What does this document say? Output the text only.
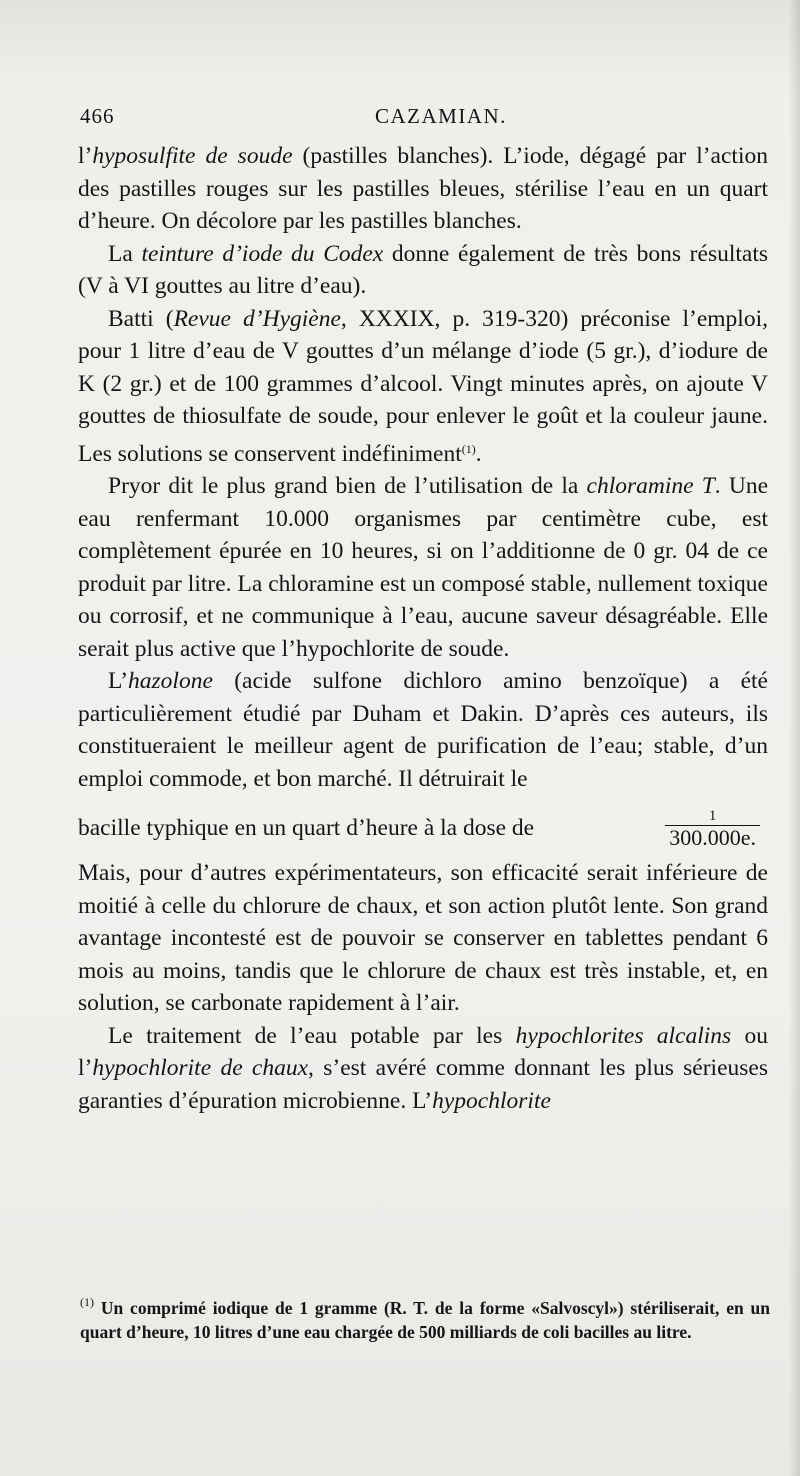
466	CAZAMIAN.

l’hyposulfite de soude (pastilles blanches). L’iode, dégagé par l’action des pastilles rouges sur les pastilles bleues, stérilise l’eau en un quart d’heure. On décolore par les pastilles blanches.

La teinture d’iode du Codex donne également de très bons résultats (V à VI gouttes au litre d’eau).

Batti (Revue d’Hygiène, XXXIX, p. 319-320) préconise l’emploi, pour 1 litre d’eau de V gouttes d’un mélange d’iode (5 gr.), d’iodure de K (2 gr.) et de 100 grammes d’alcool. Vingt minutes après, on ajoute V gouttes de thiosulfate de soude, pour enlever le goût et la couleur jaune. Les solutions se conservent indéfiniment$^{(1)}$.

Pryor dit le plus grand bien de l’utilisation de la chloramine T. Une eau renfermant 10.000 organismes par centimètre cube, est complètement épurée en 10 heures, si on l’additionne de 0 gr. 04 de ce produit par litre. La chloramine est un composé stable, nullement toxique ou corrosif, et ne communique à l’eau, aucune saveur désagréable. Elle serait plus active que l’hypochlorite de soude.

L’hazolone (acide sulfone dichloro amino benzoïque) a été particulièrement étudié par Duham et Dakin. D’après ces auteurs, ils constitueraient le meilleur agent de purification de l’eau; stable, d’un emploi commode, et bon marché. Il détruirait le

bacille typhique en un quart d’heure à la dose de	$\frac{1}{300.000e.}$

Mais, pour d’autres expérimentateurs, son efficacité serait inférieure de moitié à celle du chlorure de chaux, et son action plutôt lente. Son grand avantage incontesté est de pouvoir se conserver en tablettes pendant 6 mois au moins, tandis que le chlorure de chaux est très instable, et, en solution, se carbonate rapidement à l’air.

Le traitement de l’eau potable par les hypochlorites alcalins ou l’hypochlorite de chaux, s’est avéré comme donnant les plus sérieuses garanties d’épuration microbienne. L’hypochlorite

$^{(1)}$ Un comprimé iodique de 1 gramme (R. T. de la forme «Salvoscyl») stériliserait, en un quart d’heure, 10 litres d’une eau chargée de 500 milliards de coli bacilles au litre.
